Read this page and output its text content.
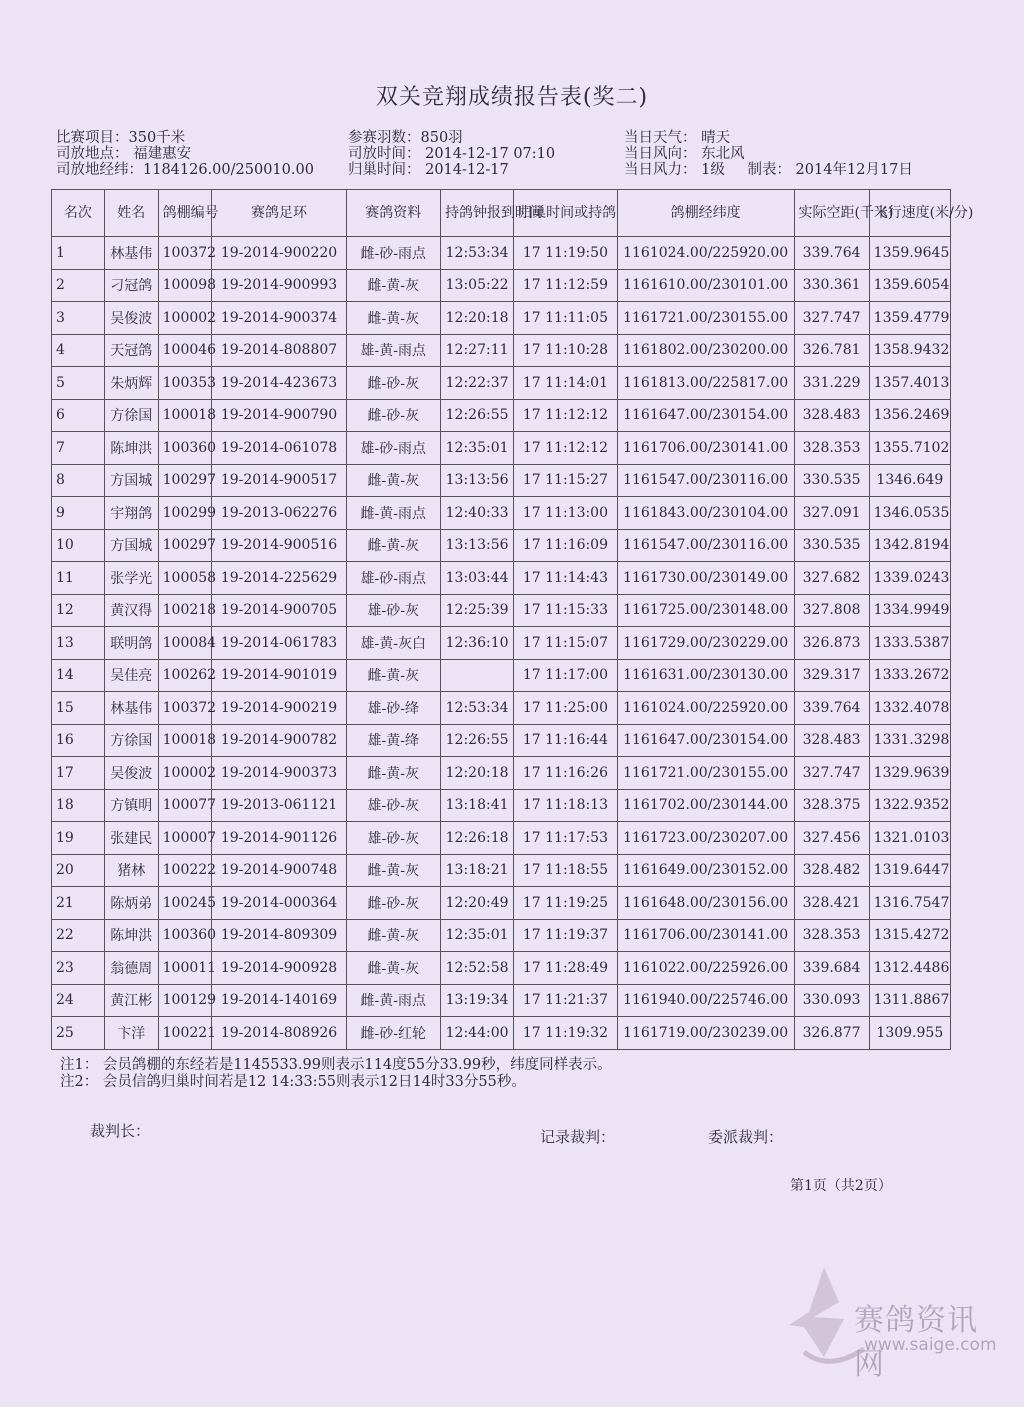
双关竞翔成绩报告表(奖二)
比赛项目：350千米
司放地点： 福建惠安
司放地经纬：1184126.00/250010.00
参赛羽数：850羽
司放时间： 2014-12-17 07:10
归巢时间： 2014-12-17
当日天气： 晴天
当日风向： 东北风
当日风力： 1级 制表： 2014年12月17日
名次	姓名	鸽棚编号	赛鸽足环	赛鸽资料	持鸽钟报到时间	归巢时间或持鸽	鸽棚经纬度	实际空距(千米)	飞行速度(米/分)
1	林基伟	100372	19-2014-900220	雌-砂-雨点	12:53:34	17 11:19:50	1161024.00/225920.00	339.764	1359.9645
2	刁冠鸽	100098	19-2014-900993	雌-黄-灰	13:05:22	17 11:12:59	1161610.00/230101.00	330.361	1359.6054
3	吴俊波	100002	19-2014-900374	雌-黄-灰	12:20:18	17 11:11:05	1161721.00/230155.00	327.747	1359.4779
4	天冠鸽	100046	19-2014-808807	雄-黄-雨点	12:27:11	17 11:10:28	1161802.00/230200.00	326.781	1358.9432
5	朱炳辉	100353	19-2014-423673	雌-砂-灰	12:22:37	17 11:14:01	1161813.00/225817.00	331.229	1357.4013
6	方徐国	100018	19-2014-900790	雌-砂-灰	12:26:55	17 11:12:12	1161647.00/230154.00	328.483	1356.2469
7	陈坤洪	100360	19-2014-061078	雄-砂-雨点	12:35:01	17 11:12:12	1161706.00/230141.00	328.353	1355.7102
8	方国城	100297	19-2014-900517	雌-黄-灰	13:13:56	17 11:15:27	1161547.00/230116.00	330.535	1346.649
9	宇翔鸽	100299	19-2013-062276	雌-黄-雨点	12:40:33	17 11:13:00	1161843.00/230104.00	327.091	1346.0535
10	方国城	100297	19-2014-900516	雌-黄-灰	13:13:56	17 11:16:09	1161547.00/230116.00	330.535	1342.8194
11	张学光	100058	19-2014-225629	雄-砂-雨点	13:03:44	17 11:14:43	1161730.00/230149.00	327.682	1339.0243
12	黄汉得	100218	19-2014-900705	雄-砂-灰	12:25:39	17 11:15:33	1161725.00/230148.00	327.808	1334.9949
13	联明鸽	100084	19-2014-061783	雄-黄-灰白	12:36:10	17 11:15:07	1161729.00/230229.00	326.873	1333.5387
14	吴佳亮	100262	19-2014-901019	雌-黄-灰		17 11:17:00	1161631.00/230130.00	329.317	1333.2672
15	林基伟	100372	19-2014-900219	雄-砂-绛	12:53:34	17 11:25:00	1161024.00/225920.00	339.764	1332.4078
16	方徐国	100018	19-2014-900782	雄-黄-绛	12:26:55	17 11:16:44	1161647.00/230154.00	328.483	1331.3298
17	吴俊波	100002	19-2014-900373	雌-黄-灰	12:20:18	17 11:16:26	1161721.00/230155.00	327.747	1329.9639
18	方镇明	100077	19-2013-061121	雄-砂-灰	13:18:41	17 11:18:13	1161702.00/230144.00	328.375	1322.9352
19	张建民	100007	19-2014-901126	雄-砂-灰	12:26:18	17 11:17:53	1161723.00/230207.00	327.456	1321.0103
20	猪林	100222	19-2014-900748	雌-黄-灰	13:18:21	17 11:18:55	1161649.00/230152.00	328.482	1319.6447
21	陈炳弟	100245	19-2014-000364	雌-砂-灰	12:20:49	17 11:19:25	1161648.00/230156.00	328.421	1316.7547
22	陈坤洪	100360	19-2014-809309	雌-黄-灰	12:35:01	17 11:19:37	1161706.00/230141.00	328.353	1315.4272
23	翁德周	100011	19-2014-900928	雌-黄-灰	12:52:58	17 11:28:49	1161022.00/225926.00	339.684	1312.4486
24	黄江彬	100129	19-2014-140169	雌-黄-雨点	13:19:34	17 11:21:37	1161940.00/225746.00	330.093	1311.8867
25	卞洋	100221	19-2014-808926	雌-砂-红轮	12:44:00	17 11:19:32	1161719.00/230239.00	326.877	1309.955
注1： 会员鸽棚的东经若是1145533.99则表示114度55分33.99秒，纬度同样表示。
注2： 会员信鸽归巢时间若是12 14:33:55则表示12日14时33分55秒。
裁判长：	记录裁判：	委派裁判：
第1页（共2页）
赛鸽资讯网
www.saige.com
